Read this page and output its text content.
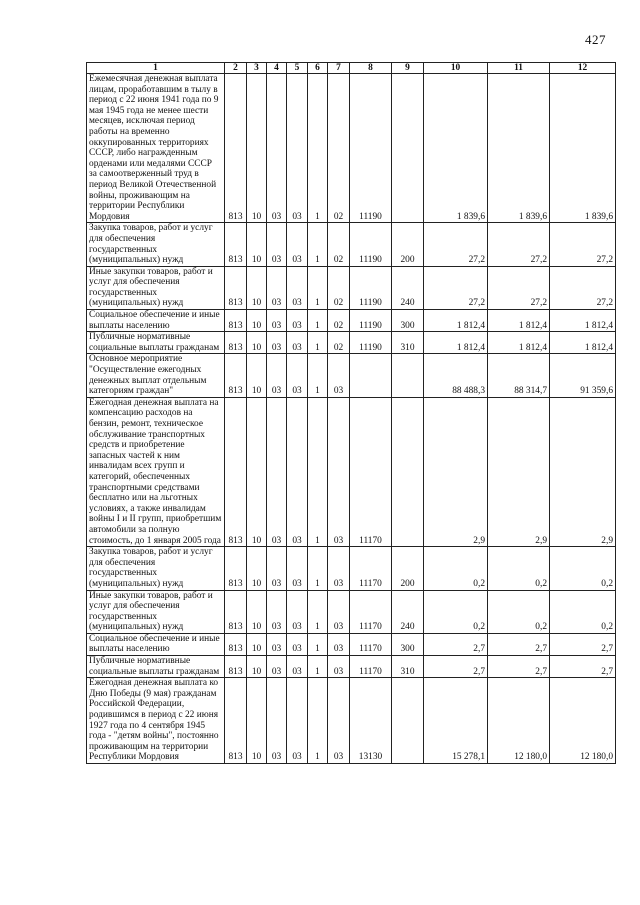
427
1	2	3	4	5	6	7	8	9	10	11	12
Ежемесячная денежная выплата лицам, проработавшим в тылу в период с 22 июня 1941 года по 9 мая 1945 года не менее шести месяцев, исключая период работы на временно оккупированных территориях СССР, либо награжденным орденами или медалями СССР за самоотверженный труд в период Великой Отечественной войны, проживающим на территории Республики Мордовия	813	10	03	03	1	02	11190		1 839,6	1 839,6	1 839,6
Закупка товаров, работ и услуг для обеспечения государственных (муниципальных) нужд	813	10	03	03	1	02	11190	200	27,2	27,2	27,2
Иные закупки товаров, работ и услуг для обеспечения государственных (муниципальных) нужд	813	10	03	03	1	02	11190	240	27,2	27,2	27,2
Социальное обеспечение и иные выплаты населению	813	10	03	03	1	02	11190	300	1 812,4	1 812,4	1 812,4
Публичные нормативные социальные выплаты гражданам	813	10	03	03	1	02	11190	310	1 812,4	1 812,4	1 812,4
Основное мероприятие "Осуществление ежегодных денежных выплат отдельным категориям граждан"	813	10	03	03	1	03			88 488,3	88 314,7	91 359,6
Ежегодная денежная выплата на компенсацию расходов на бензин, ремонт, техническое обслуживание транспортных средств и приобретение запасных частей к ним инвалидам всех групп и категорий, обеспеченных транспортными средствами бесплатно или на льготных условиях, а также инвалидам войны I и II групп, приобретшим автомобили за полную стоимость, до 1 января 2005 года	813	10	03	03	1	03	11170		2,9	2,9	2,9
Закупка товаров, работ и услуг для обеспечения государственных (муниципальных) нужд	813	10	03	03	1	03	11170	200	0,2	0,2	0,2
Иные закупки товаров, работ и услуг для обеспечения государственных (муниципальных) нужд	813	10	03	03	1	03	11170	240	0,2	0,2	0,2
Социальное обеспечение и иные выплаты населению	813	10	03	03	1	03	11170	300	2,7	2,7	2,7
Публичные нормативные социальные выплаты гражданам	813	10	03	03	1	03	11170	310	2,7	2,7	2,7
Ежегодная денежная выплата ко Дню Победы (9 мая) гражданам Российской Федерации, родившимся в период с 22 июня 1927 года по 4 сентября 1945 года - "детям войны", постоянно проживающим на территории Республики Мордовия	813	10	03	03	1	03	13130		15 278,1	12 180,0	12 180,0
